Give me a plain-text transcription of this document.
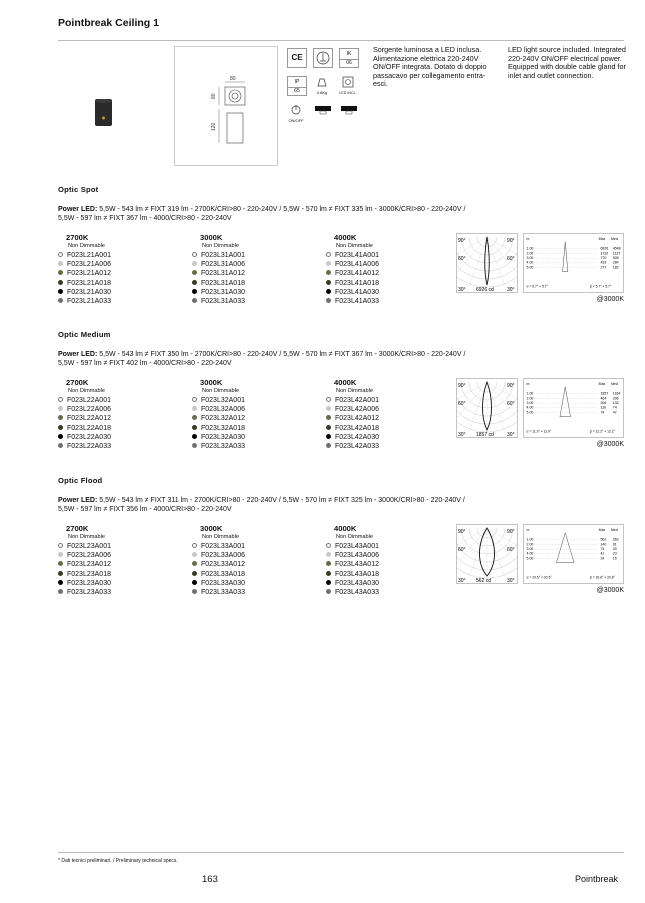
Pointbreak Ceiling 1
80
80
120
CE	IK
06
IP
65	0.8Kg	LED INCL.
ON/OFF
Sorgente luminosa a LED inclusa. Alimentazione elettrica 220-240V ON/OFF integrata. Dotato di doppio passacavo per collegamento entra-esci.
LED light source included. Integrated 220-240V ON/OFF electrical power. Equipped with double cable gland for inlet and outlet connection.
Optic Spot
Power LED: 5,5W - 543 lm ≠ FIXT 319 lm - 2700K/CRI>80 - 220-240V / 5,5W - 570 lm ≠ FIXT 335 lm - 3000K/CRI>80 - 220-240V /
5,5W - 597 lm ≠ FIXT 367 lm - 4000/CRI>80 - 220-240V
2700K
Non Dimmable
F023L21A001
F023L21A006
F023L21A012
F023L21A018
F023L21A030
F023L21A033
3000K
Non Dimmable
F023L31A001
F023L31A006
F023L31A012
F023L31A018
F023L31A030
F023L31A033
4000K
Non Dimmable
F023L41A001
F023L41A006
F023L41A012
F023L41A018
F023L41A030
F023L41A033
90°
60°
30°
90°
60°
30°
6926 cd
m	Max Med
1.00	6926 4548
2.00	1732 1137
3.00	770 505
4.00	433 284
5.00	277 182
α = 5.7° × 5.7°	β = 5.7° × 5.7°
@3000K
Optic Medium
Power LED: 5,5W - 543 lm ≠ FIXT 350 lm - 2700K/CRI>80 - 220-240V / 5,5W - 570 lm ≠ FIXT 367 lm - 3000K/CRI>80 - 220-240V /
5,5W - 597 lm ≠ FIXT 402 lm - 4000/CRI>80 - 220-240V
2700K
Non Dimmable
F023L22A001
F023L22A006
F023L22A012
F023L22A018
F023L22A030
F023L22A033
3000K
Non Dimmable
F023L32A001
F023L32A006
F023L32A012
F023L32A018
F023L32A030
F023L32A033
4000K
Non Dimmable
F023L42A001
F023L42A006
F023L42A012
F023L42A018
F023L42A030
F023L42A033
90°
60°
30°
90°
60°
30°
1857 cd
m	Max Med
1.00	1857 1184
2.00	464 296
3.00	206 132
4.00	116 74
5.00	74 47
α = 11.9° × 11.9°	β = 12.2° × 12.2°
@3000K
Optic Flood
Power LED: 5,5W - 543 lm ≠ FIXT 311 lm - 2700K/CRI>80 - 220-240V / 5,5W - 570 lm ≠ FIXT 325 lm - 3000K/CRI>80 - 220-240V /
5,5W - 597 lm ≠ FIXT 356 lm - 4000/CRI>80 - 220-240V
2700K
Non Dimmable
F023L23A001
F023L23A006
F023L23A012
F023L23A018
F023L23A030
F023L23A033
3000K
Non Dimmable
F023L33A001
F023L33A006
F023L33A012
F023L33A018
F023L33A030
F023L33A033
4000K
Non Dimmable
F023L43A001
F023L43A006
F023L43A012
F023L43A018
F023L43A030
F023L43A033
90°
60°
30°
90°
60°
30°
562 cd
m	Max Med
1.00	562 363
2.00	140 91
3.00	74 40
4.00	41 23
5.00	24 15
α = 20.5° × 20.5°	β = 20.8° × 20.8°
@3000K
* Dati tecnici preliminari. / Preliminary technical specs.
163	Pointbreak
